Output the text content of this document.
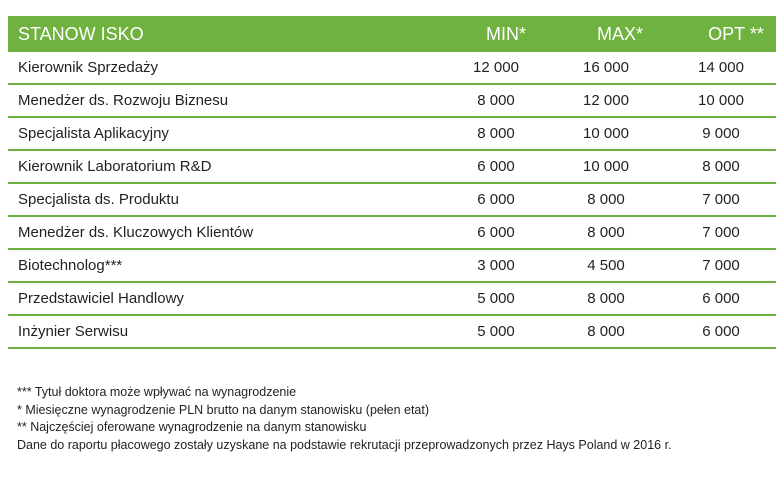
STANOW ISKO	MIN*	MAX*	OPT **
Kierownik Sprzedaży	12 000	16 000	14 000
Menedżer ds. Rozwoju Biznesu	8 000	12 000	10 000
Specjalista Aplikacyjny	8 000	10 000	9 000
Kierownik Laboratorium R&D	6 000	10 000	8 000
Specjalista ds. Produktu	6 000	8 000	7 000
Menedżer ds. Kluczowych Klientów	6 000	8 000	7 000
Biotechnolog***	3 000	4 500	7 000
Przedstawiciel Handlowy	5 000	8 000	6 000
Inżynier Serwisu	5 000	8 000	6 000
*** Tytuł doktora może wpływać na wynagrodzenie
* Miesięczne wynagrodzenie PLN brutto na danym stanowisku (pełen etat)
** Najczęściej oferowane wynagrodzenie na danym stanowisku
Dane do raportu płacowego zostały uzyskane na podstawie rekrutacji przeprowadzonych przez Hays Poland w 2016 r.
